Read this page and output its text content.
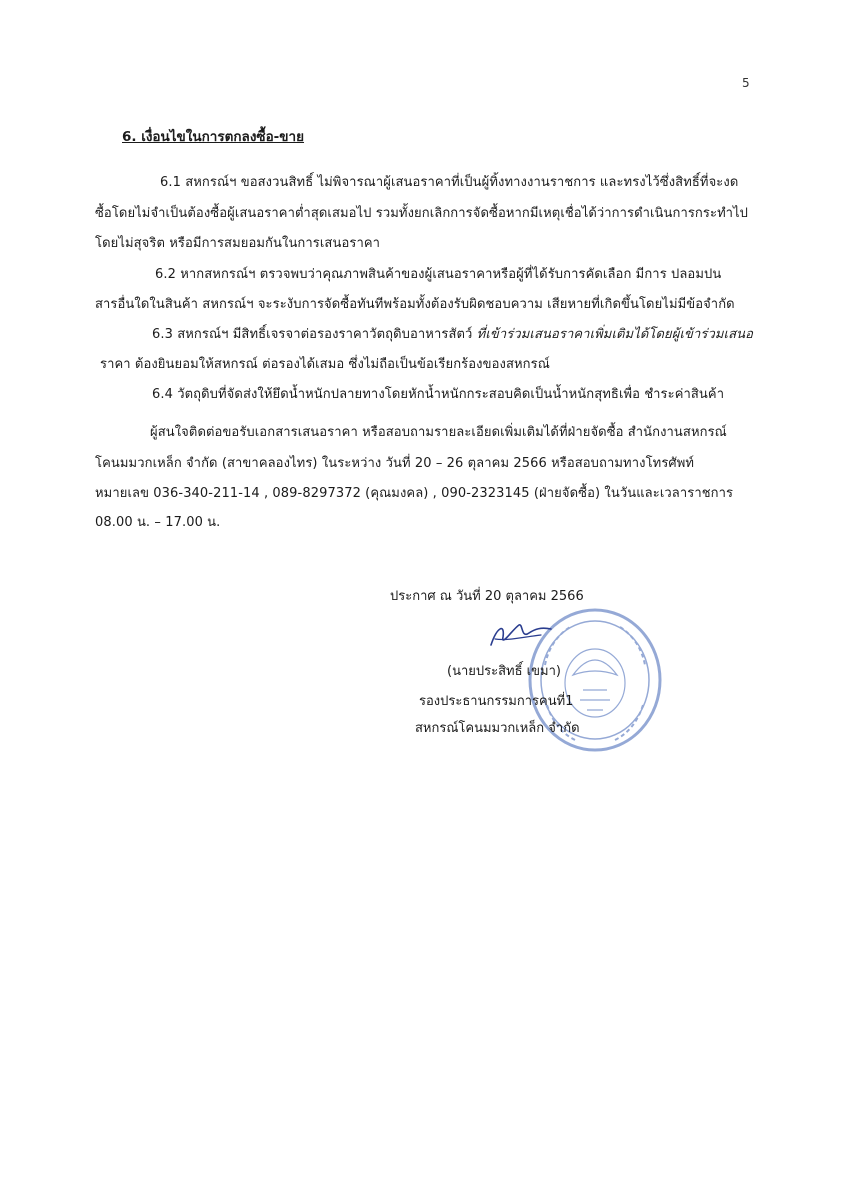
5
6. เงื่อนไขในการตกลงซื้อ-ขาย
6.1 สหกรณ์ฯ ขอสงวนสิทธิ์ ไม่พิจารณาผู้เสนอราคาที่เป็นผู้ทิ้งทางงานราชการ และทรงไว้ซึ่งสิทธิ์ที่จะงด
ซื้อโดยไม่จำเป็นต้องซื้อผู้เสนอราคาต่ำสุดเสมอไป รวมทั้งยกเลิกการจัดซื้อหากมีเหตุเชื่อได้ว่าการดำเนินการกระทำไป
โดยไม่สุจริต หรือมีการสมยอมกันในการเสนอราคา
6.2 หากสหกรณ์ฯ ตรวจพบว่าคุณภาพสินค้าของผู้เสนอราคาหรือผู้ที่ได้รับการคัดเลือก มีการ ปลอมปน
สารอื่นใดในสินค้า สหกรณ์ฯ จะระงับการจัดซื้อทันทีพร้อมทั้งต้องรับผิดชอบความ เสียหายที่เกิดขึ้นโดยไม่มีข้อจำกัด
6.3 สหกรณ์ฯ มีสิทธิ์เจรจาต่อรองราคาวัตถุดิบอาหารสัตว์ ที่เข้าร่วมเสนอราคาเพิ่มเติมได้โดยผู้เข้าร่วมเสนอ
ราคา ต้องยินยอมให้สหกรณ์ ต่อรองได้เสมอ ซึ่งไม่ถือเป็นข้อเรียกร้องของสหกรณ์
6.4 วัตถุดิบที่จัดส่งให้ยึดน้ำหนักปลายทางโดยหักน้ำหนักกระสอบคิดเป็นน้ำหนักสุทธิเพื่อ ชำระค่าสินค้า
ผู้สนใจติดต่อขอรับเอกสารเสนอราคา หรือสอบถามรายละเอียดเพิ่มเติมได้ที่ฝ่ายจัดซื้อ สำนักงานสหกรณ์
โคนมมวกเหล็ก จำกัด (สาขาคลองไทร) ในระหว่าง วันที่ 20 – 26 ตุลาคม 2566 หรือสอบถามทางโทรศัพท์
หมายเลข 036-340-211-14 , 089-8297372 (คุณมงคล) , 090-2323145 (ฝ่ายจัดซื้อ) ในวันและเวลาราชการ
08.00 น. – 17.00 น.
ประกาศ ณ วันที่ 20 ตุลาคม 2566
(นายประสิทธิ์ เขมา)
รองประธานกรรมการคนที่1
สหกรณ์โคนมมวกเหล็ก จำกัด
